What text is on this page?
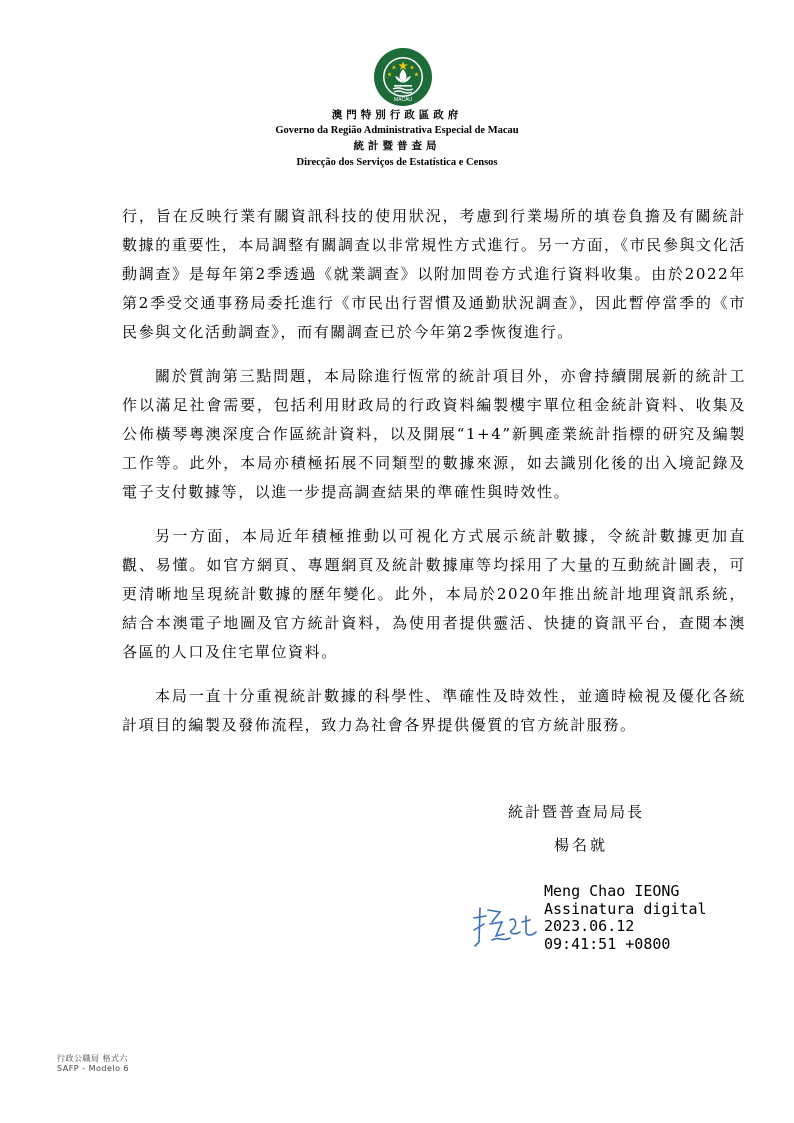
MACAU
澳門特別行政區政府
Governo da Região Administrativa Especial de Macau
統計暨普查局
Direcção dos Serviços de Estatística e Censos

行，旨在反映行業有關資訊科技的使用狀況，考慮到行業場所的填卷負擔及有關統計數據的重要性，本局調整有關調查以非常規性方式進行。另一方面，《市民參與文化活動調查》是每年第2季透過《就業調查》以附加問卷方式進行資料收集。由於2022年第2季受交通事務局委托進行《市民出行習慣及通勤狀況調查》，因此暫停當季的《市民參與文化活動調查》，而有關調查已於今年第2季恢復進行。

關於質詢第三點問題，本局除進行恆常的統計項目外，亦會持續開展新的統計工作以滿足社會需要，包括利用財政局的行政資料編製樓宇單位租金統計資料、收集及公佈橫琴粵澳深度合作區統計資料，以及開展“1+4”新興產業統計指標的研究及編製工作等。此外，本局亦積極拓展不同類型的數據來源，如去識別化後的出入境記錄及電子支付數據等，以進一步提高調查結果的準確性與時效性。

另一方面，本局近年積極推動以可視化方式展示統計數據，令統計數據更加直觀、易懂。如官方網頁、專題網頁及統計數據庫等均採用了大量的互動統計圖表，可更清晰地呈現統計數據的歷年變化。此外，本局於2020年推出統計地理資訊系統，結合本澳電子地圖及官方統計資料，為使用者提供靈活、快捷的資訊平台，查閱本澳各區的人口及住宅單位資料。

本局一直十分重視統計數據的科學性、準確性及時效性，並適時檢視及優化各統計項目的編製及發佈流程，致力為社會各界提供優質的官方統計服務。

統計暨普查局局長
楊名就
Meng Chao IEONG
Assinatura digital
2023.06.12
09:41:51 +0800
行政公職局 格式六
SAFP - Modelo 6
